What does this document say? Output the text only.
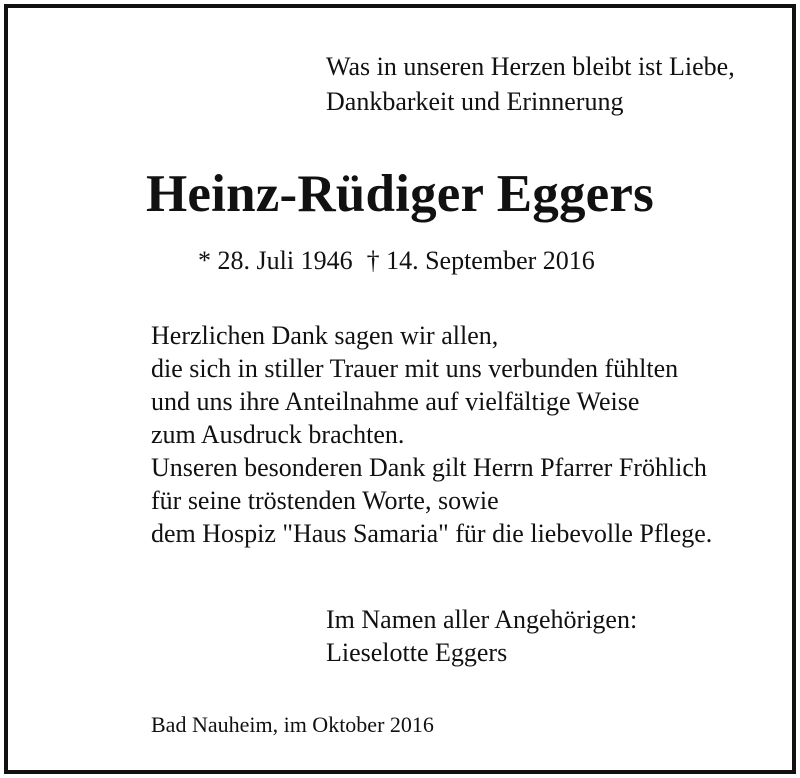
Was in unseren Herzen bleibt ist Liebe,
Dankbarkeit und Erinnerung
Heinz-Rüdiger Eggers
* 28. Juli 1946 † 14. September 2016
Herzlichen Dank sagen wir allen,
die sich in stiller Trauer mit uns verbunden fühlten
und uns ihre Anteilnahme auf vielfältige Weise
zum Ausdruck brachten.
Unseren besonderen Dank gilt Herrn Pfarrer Fröhlich
für seine tröstenden Worte, sowie
dem Hospiz "Haus Samaria" für die liebevolle Pflege.
Im Namen aller Angehörigen:
Lieselotte Eggers
Bad Nauheim, im Oktober 2016
